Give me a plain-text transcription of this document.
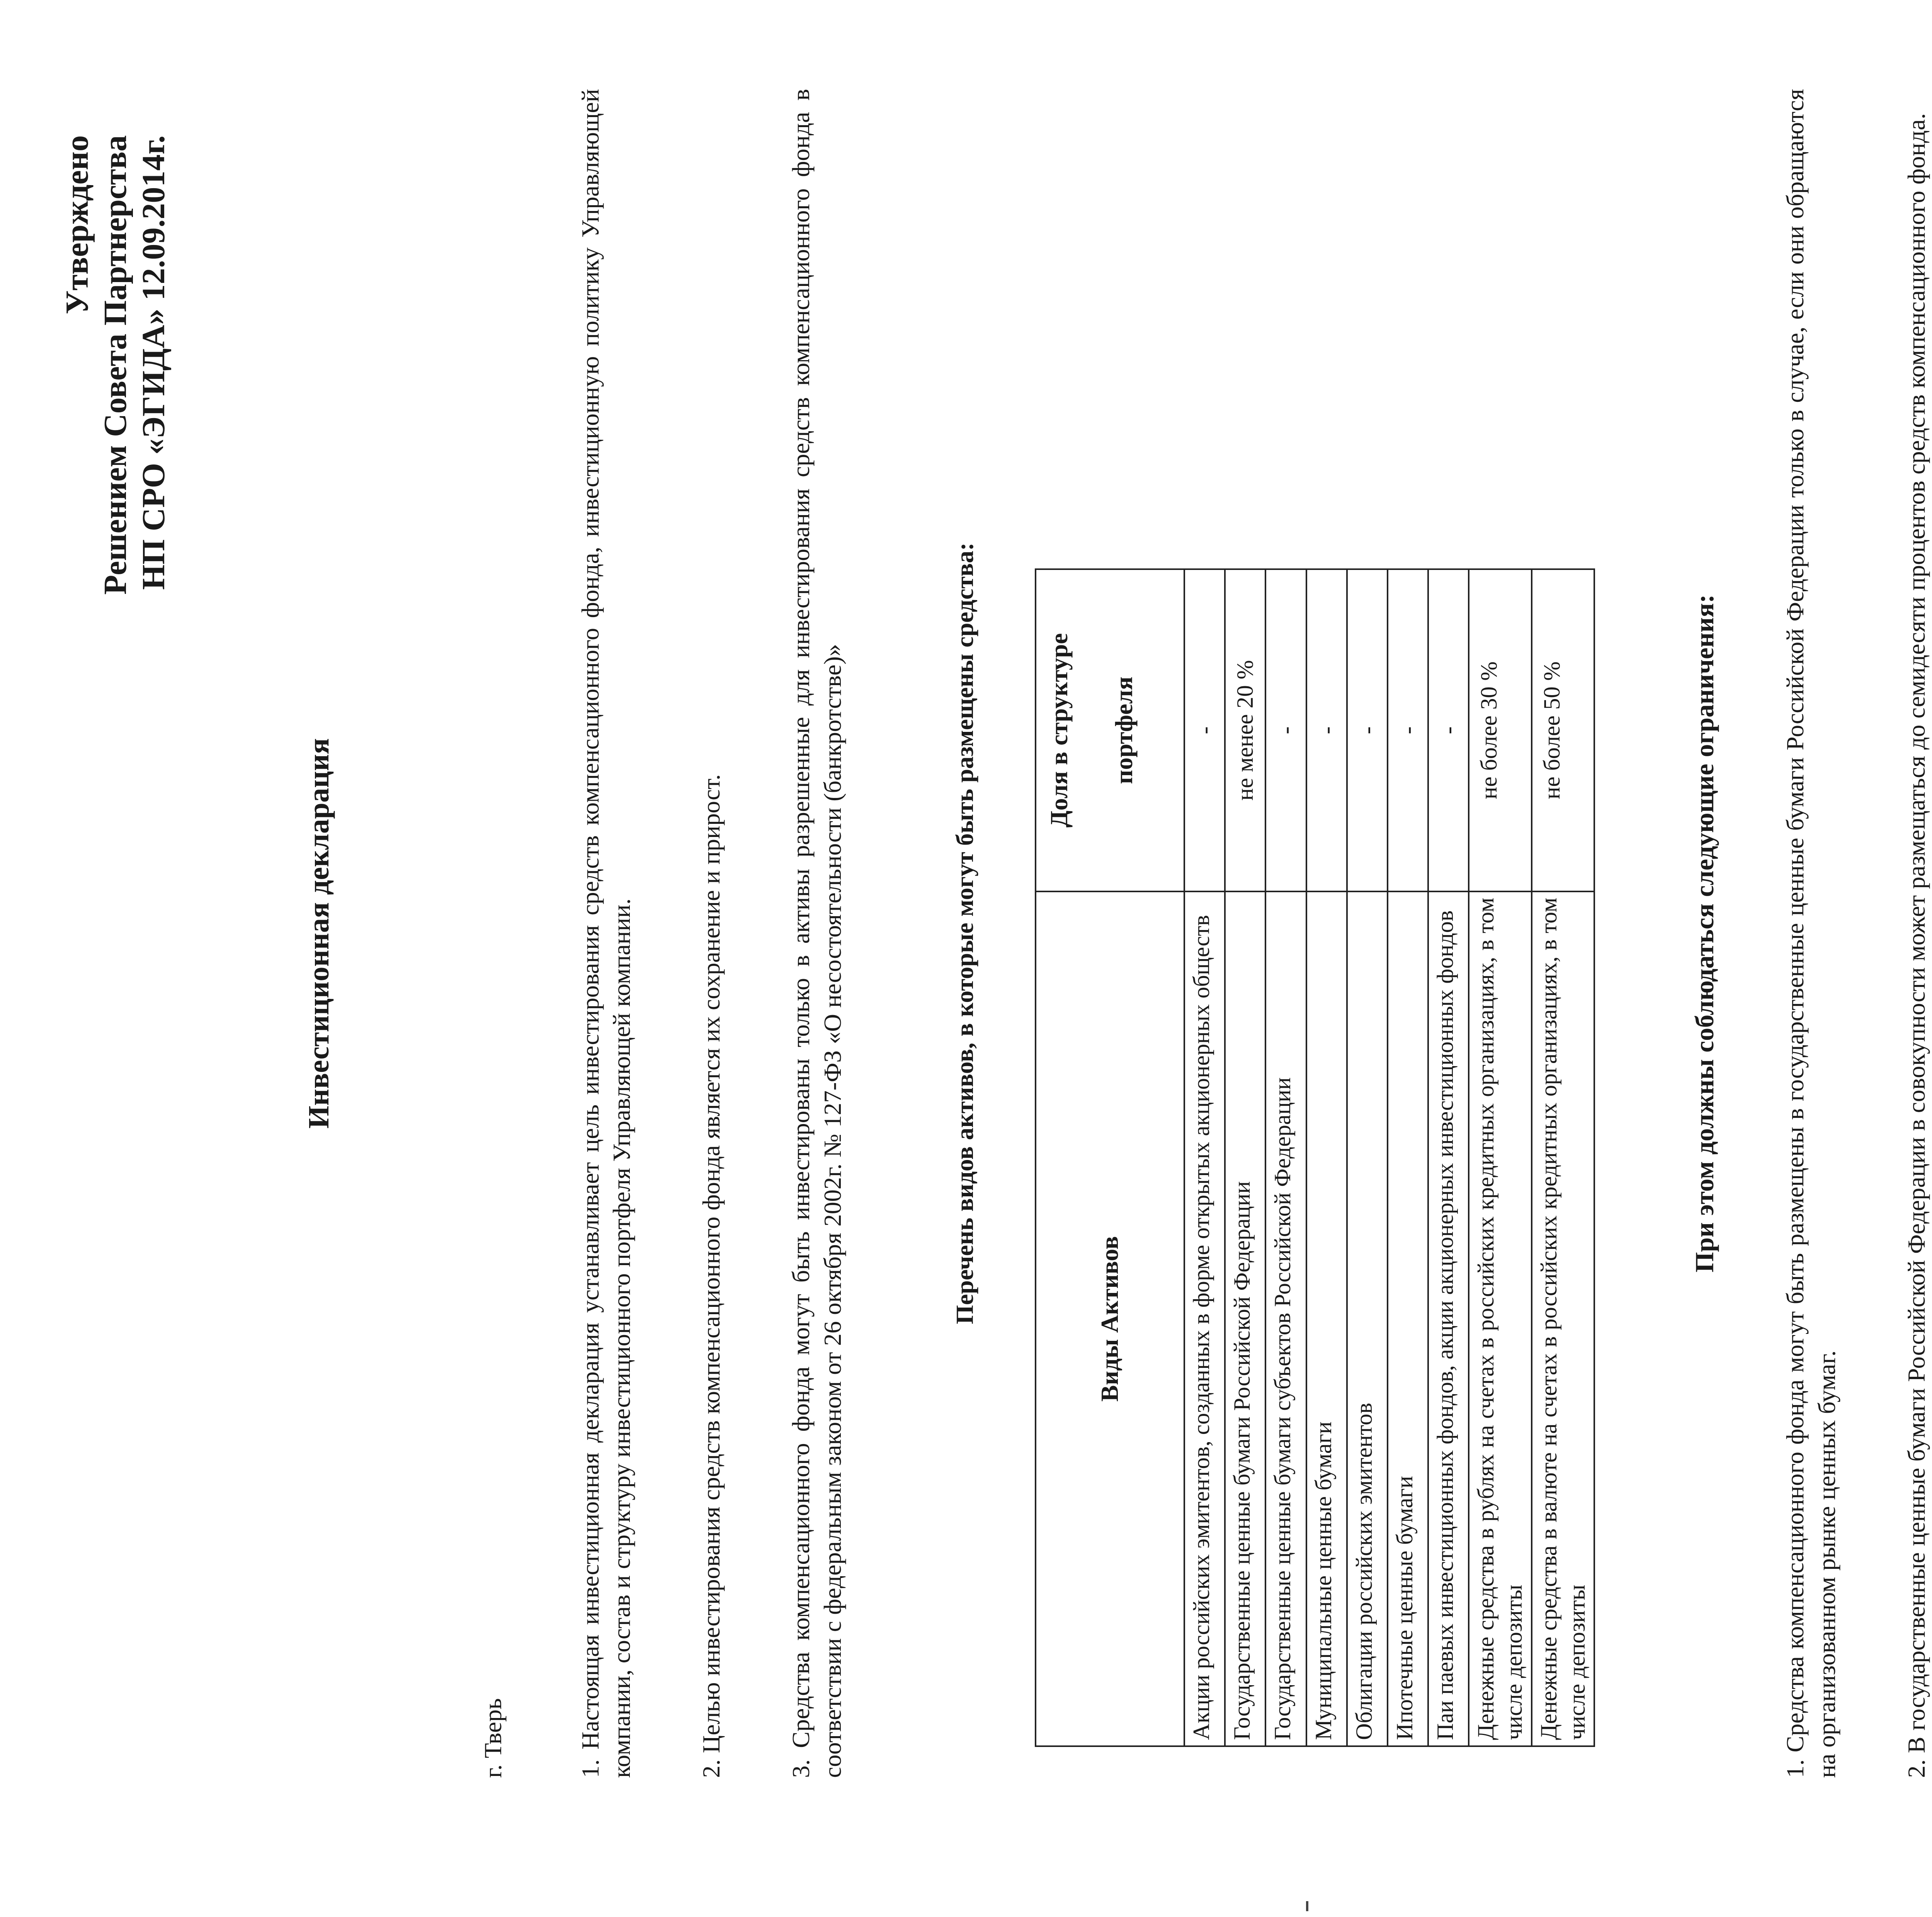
Утверждено Решением Совета Партнерства НП СРО «ЭГИДА» 12.09.2014г.
Инвестиционная декларация
г. Тверь	1. Настоящая инвестиционная декларация устанавливает цель инвестирования средств компенсационного фонда, инвестиционную политику Управляющей компании, состав и структуру инвестиционного портфеля Управляющей компании.	2. Целью инвестирования средств компенсационного фонда является их сохранение и прирост.	3. Средства компенсационного фонда могут быть инвестированы только в активы разрешенные для инвестирования средств компенсационного фонда в соответствии с федеральным законом от 26 октября 2002г. № 127-ФЗ «О несостоятельности (банкротстве)»	Перечень видов активов, в которые могут быть размещены средства:	Виды Активов	Доля в структуре портфеля

Акции российских эмитентов, созданных в форме открытых акционерных обществ	-
Государственные ценные бумаги Российской Федерации	не менее 20 %
Государственные ценные бумаги субъектов Российской Федерации	-
Муниципальные ценные бумаги	-
Облигации российских эмитентов	-
Ипотечные ценные бумаги	-
Паи паевых инвестиционных фондов, акции акционерных инвестиционных фондов	-
Денежные средства в рублях на счетах в российских кредитных организациях, в том числе депозиты	не более 30 %
Денежные средства в валюте на счетах в российских кредитных организациях, в том числе депозиты	не более 50 %	При этом должны соблюдаться следующие ограничения:	1. Средства компенсационного фонда могут быть размещены в государственные ценные бумаги Российской Федерации только в случае, если они обращаются на организованном рынке ценных бумаг.	2. В государственные ценные бумаги Российской Федерации в совокупности может размещаться до семидесяти процентов средств компенсационного фонда.
